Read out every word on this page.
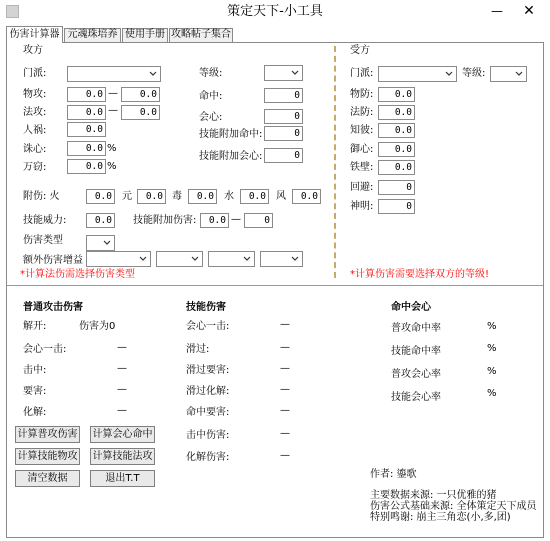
策定天下-小工具	— ✕
伤害计算器 元魂珠培养 使用手册 攻略帖子集合
攻方
门派:	等级:
物攻:	0.0 —	0.0	命中:	0
法攻:	0.0 —	0.0	会心:	0
人祸:	0.0	技能附加命中:	0
诛心:	0.0 %
技能附加会心:	0
万窃:	0.0 %
附伤: 火	0.0	元	0.0 毒	0.0	水	0.0	风	0.0
技能威力:	0.0	技能附加伤害:	0.0 —	0
伤害类型
额外伤害增益
*计算法伤需选择伤害类型
受方
门派:	等级:
物防:	0.0
法防:	0.0
知彼:	0.0
御心:	0.0
铁壁:	0.0
回避:	0
神明:	0
*计算伤害需要选择双方的等级!
普通攻击伤害
解开:	伤害为0
会心一击:	—
击中:	—
要害:	—
化解:	—
计算普攻伤害 计算会心命中
计算技能物攻 计算技能法攻
清空数据	退出T.T
技能伤害
会心一击:	—
滑过:	—
滑过要害:	—
滑过化解:	—
命中要害:	—
击中伤害:	—
化解伤害:	—
命中会心
普攻命中率	%
技能命中率	%
普攻会心率	%
技能会心率	%
作者: 鎏歌
主要数据来源: 一只优雅的猪
伤害公式基础来源: 全体策定天下成员
特别鸣谢: 崩主三角恋(小,多,团)
